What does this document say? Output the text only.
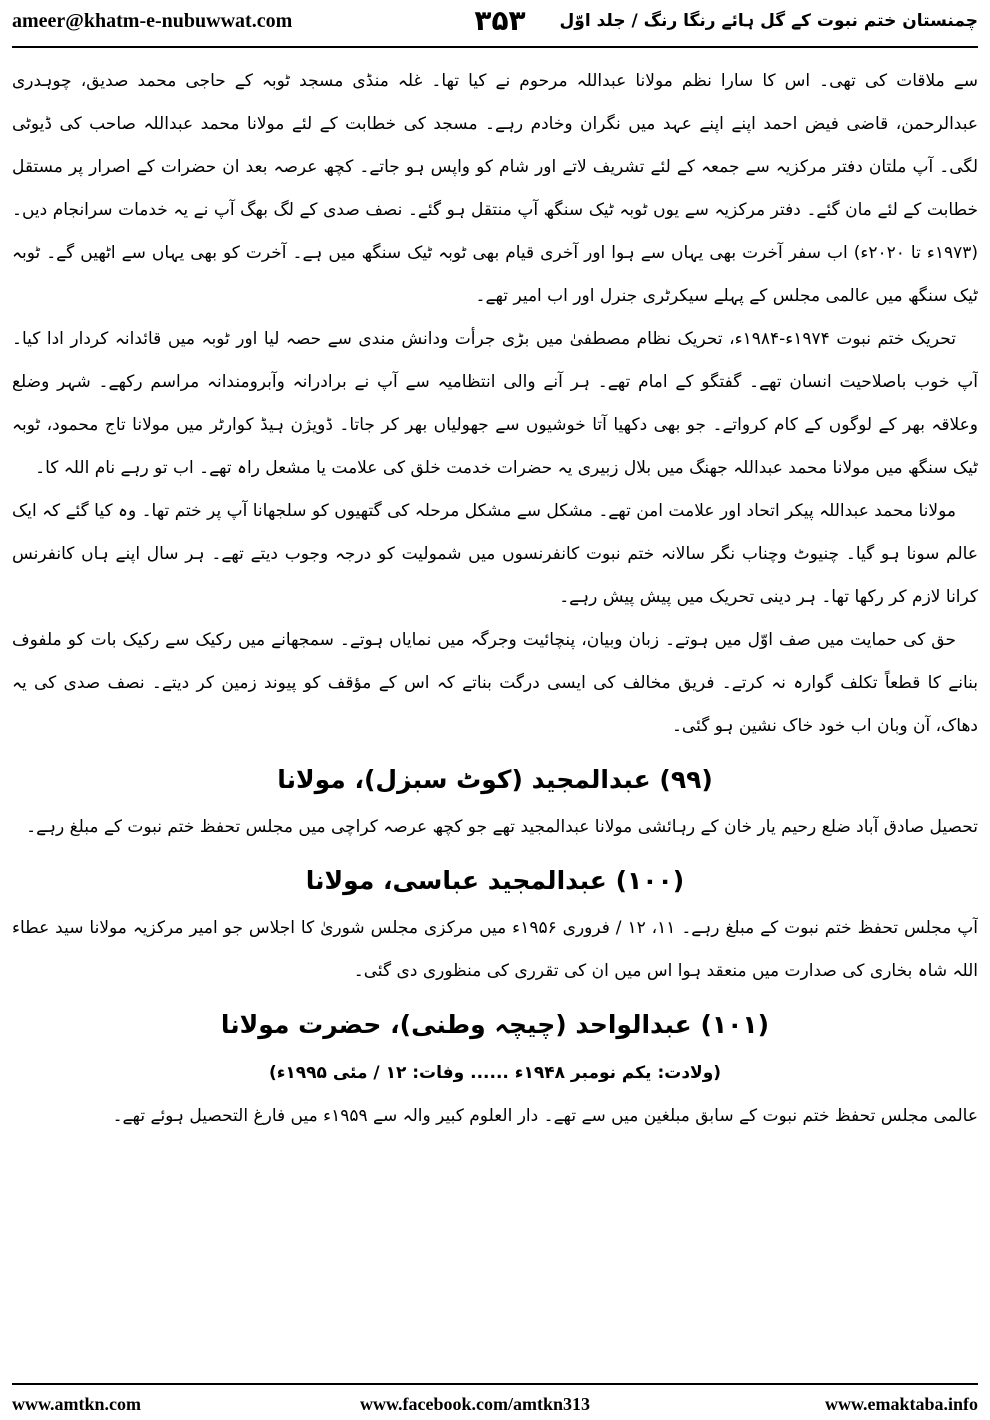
ameer@khatm-e-nubuwwat.com	۳۵۳	چمنستان ختم نبوت کے گل ہائے رنگا رنگ / جلد اوّل

سے ملاقات کی تھی۔ اس کا سارا نظم مولانا عبداللہ مرحوم نے کیا تھا۔ غلہ منڈی مسجد ٹوبہ کے حاجی محمد صدیق، چوہدری عبدالرحمن، قاضی فیض احمد اپنے اپنے عہد میں نگران وخادم رہے۔ مسجد کی خطابت کے لئے مولانا محمد عبداللہ صاحب کی ڈیوٹی لگی۔ آپ ملتان دفتر مرکزیہ سے جمعہ کے لئے تشریف لاتے اور شام کو واپس ہو جاتے۔ کچھ عرصہ بعد ان حضرات کے اصرار پر مستقل خطابت کے لئے مان گئے۔ دفتر مرکزیہ سے یوں ٹوبہ ٹیک سنگھ آپ منتقل ہو گئے۔ نصف صدی کے لگ بھگ آپ نے یہ خدمات سرانجام دیں۔ (۱۹۷۳ء تا ۲۰۲۰ء) اب سفر آخرت بھی یہاں سے ہوا اور آخری قیام بھی ٹوبہ ٹیک سنگھ میں ہے۔ آخرت کو بھی یہاں سے اٹھیں گے۔ ٹوبہ ٹیک سنگھ میں عالمی مجلس کے پہلے سیکرٹری جنرل اور اب امیر تھے۔

تحریک ختم نبوت ۱۹۷۴ء-۱۹۸۴ء، تحریک نظام مصطفیٰ میں بڑی جرأت ودانش مندی سے حصہ لیا اور ٹوبہ میں قائدانہ کردار ادا کیا۔ آپ خوب باصلاحیت انسان تھے۔ گفتگو کے امام تھے۔ ہر آنے والی انتظامیہ سے آپ نے برادرانہ وآبرومندانہ مراسم رکھے۔ شہر وضلع وعلاقہ بھر کے لوگوں کے کام کرواتے۔ جو بھی دکھیا آتا خوشیوں سے جھولیاں بھر کر جاتا۔ ڈویژن ہیڈ کوارٹر میں مولانا تاج محمود، ٹوبہ ٹیک سنگھ میں مولانا محمد عبداللہ جھنگ میں بلال زبیری یہ حضرات خدمت خلق کی علامت یا مشعل راہ تھے۔ اب تو رہے نام اللہ کا۔

مولانا محمد عبداللہ پیکر اتحاد اور علامت امن تھے۔ مشکل سے مشکل مرحلہ کی گتھیوں کو سلجھانا آپ پر ختم تھا۔ وہ کیا گئے کہ ایک عالم سونا ہو گیا۔ چنیوٹ وچناب نگر سالانہ ختم نبوت کانفرنسوں میں شمولیت کو درجہ وجوب دیتے تھے۔ ہر سال اپنے ہاں کانفرنس کرانا لازم کر رکھا تھا۔ ہر دینی تحریک میں پیش پیش رہے۔

حق کی حمایت میں صف اوّل میں ہوتے۔ زبان وبیان، پنچائیت وجرگہ میں نمایاں ہوتے۔ سمجھانے میں رکیک سے رکیک بات کو ملفوف بنانے کا قطعاً تکلف گوارہ نہ کرتے۔ فریق مخالف کی ایسی درگت بناتے کہ اس کے مؤقف کو پیوند زمین کر دیتے۔ نصف صدی کی یہ دھاک، آن وبان اب خود خاک نشین ہو گئی۔

(۹۹) عبدالمجید (کوٹ سبزل)، مولانا

تحصیل صادق آباد ضلع رحیم یار خان کے رہائشی مولانا عبدالمجید تھے جو کچھ عرصہ کراچی میں مجلس تحفظ ختم نبوت کے مبلغ رہے۔

(۱۰۰) عبدالمجید عباسی، مولانا

آپ مجلس تحفظ ختم نبوت کے مبلغ رہے۔ ۱۱، ۱۲ / فروری ۱۹۵۶ء میں مرکزی مجلس شوریٰ کا اجلاس جو امیر مرکزیہ مولانا سید عطاء اللہ شاہ بخاری کی صدارت میں منعقد ہوا اس میں ان کی تقرری کی منظوری دی گئی۔

(۱۰۱) عبدالواحد (چیچہ وطنی)، حضرت مولانا

(ولادت: یکم نومبر ۱۹۴۸ء ...... وفات: ۱۲ / مئی ۱۹۹۵ء)

عالمی مجلس تحفظ ختم نبوت کے سابق مبلغین میں سے تھے۔ دار العلوم کبیر والہ سے ۱۹۵۹ء میں فارغ التحصیل ہوئے تھے۔

www.amtkn.com	www.facebook.com/amtkn313	www.emaktaba.info
